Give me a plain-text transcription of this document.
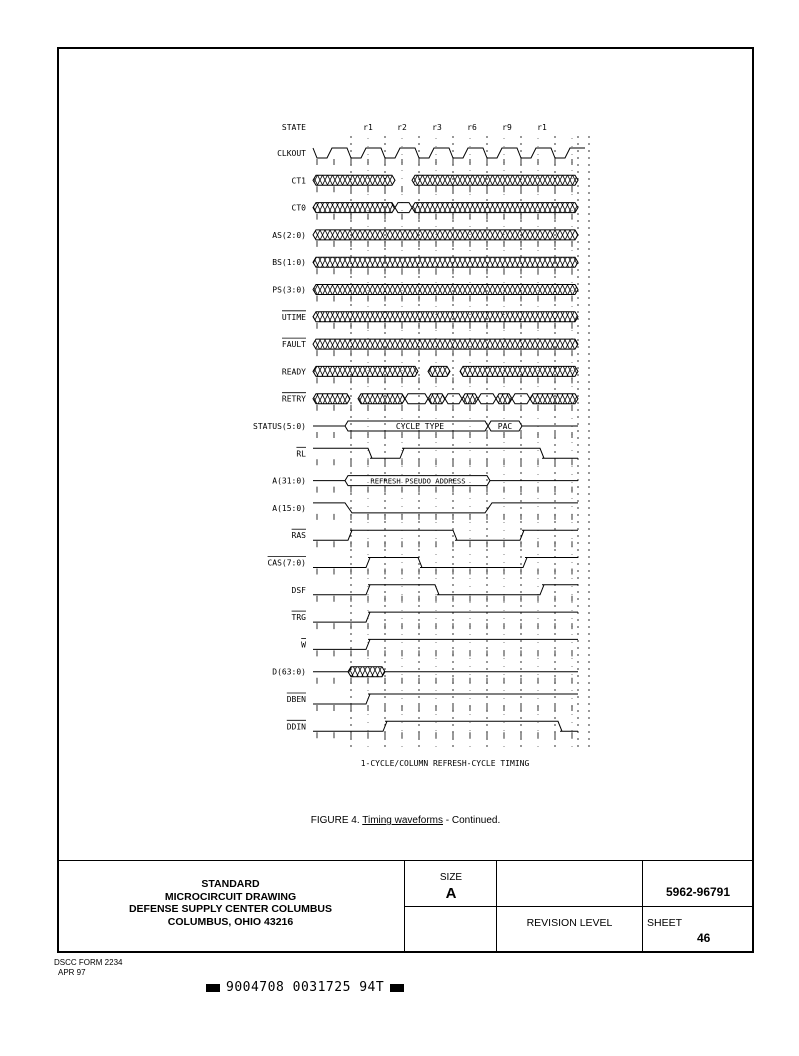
STATE	r1	r2	r3	r6	r9	r1
CLKOUT
CT1
CT0
AS(2:0)
BS(1:0)
PS(3:0)
UTIME
FAULT
READY
RETRY
STATUS(5:0)	CYCLE TYPE	PAC
RL
A(31:0)	REFRESH PSEUDO ADDRESS
A(15:0)
RAS
CAS(7:0)
DSF
TRG
W
D(63:0)
DBEN
DDIN
1-CYCLE/COLUMN REFRESH-CYCLE TIMING
FIGURE 4. Timing waveforms - Continued.
STANDARD
MICROCIRCUIT DRAWING
DEFENSE SUPPLY CENTER COLUMBUS
COLUMBUS, OHIO 43216
SIZE
A	5962-96791
REVISION LEVEL	SHEET
46
DSCC FORM 2234
APR 97
9004708 0031725 94T
